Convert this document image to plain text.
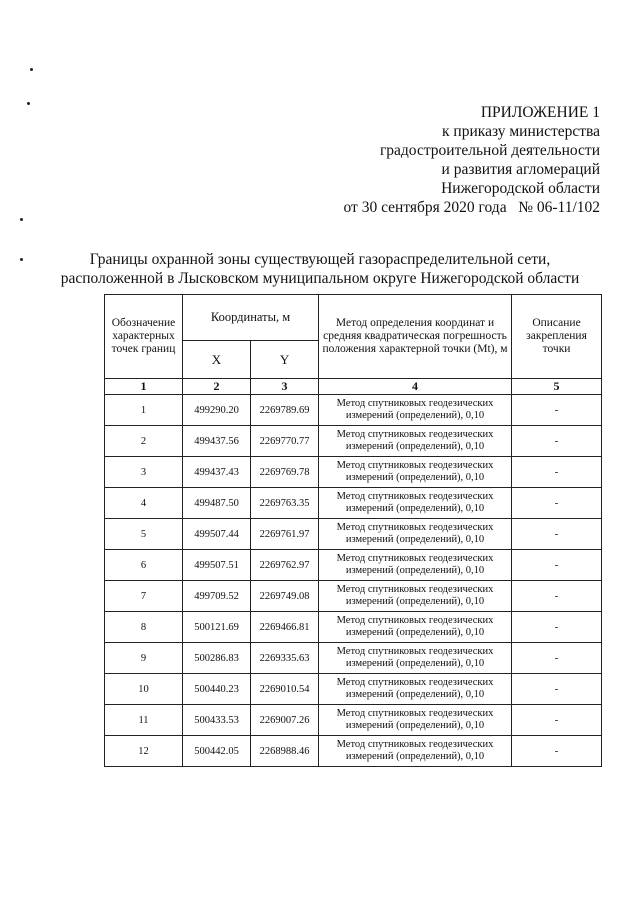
ПРИЛОЖЕНИЕ 1
к приказу министерства
градостроительной деятельности
и развития агломераций
Нижегородской области
от 30 сентября 2020 года   № 06-11/102
Границы охранной зоны существующей газораспределительной сети,
расположенной в Лысковском муниципальном округе Нижегородской области
Обозначение характерных точек границ	Координаты, м		Метод определения координат и средняя квадратическая погрешность положения характерной точки (Mt), м	Описание закрепления точки
	X	Y		
1	2	3	4	5
1	499290.20	2269789.69	Метод спутниковых геодезических измерений (определений), 0,10	-
2	499437.56	2269770.77	Метод спутниковых геодезических измерений (определений), 0,10	-
3	499437.43	2269769.78	Метод спутниковых геодезических измерений (определений), 0,10	-
4	499487.50	2269763.35	Метод спутниковых геодезических измерений (определений), 0,10	-
5	499507.44	2269761.97	Метод спутниковых геодезических измерений (определений), 0,10	-
6	499507.51	2269762.97	Метод спутниковых геодезических измерений (определений), 0,10	-
7	499709.52	2269749.08	Метод спутниковых геодезических измерений (определений), 0,10	-
8	500121.69	2269466.81	Метод спутниковых геодезических измерений (определений), 0,10	-
9	500286.83	2269335.63	Метод спутниковых геодезических измерений (определений), 0,10	-
10	500440.23	2269010.54	Метод спутниковых геодезических измерений (определений), 0,10	-
11	500433.53	2269007.26	Метод спутниковых геодезических измерений (определений), 0,10	-
12	500442.05	2268988.46	Метод спутниковых геодезических измерений (определений), 0,10	-
